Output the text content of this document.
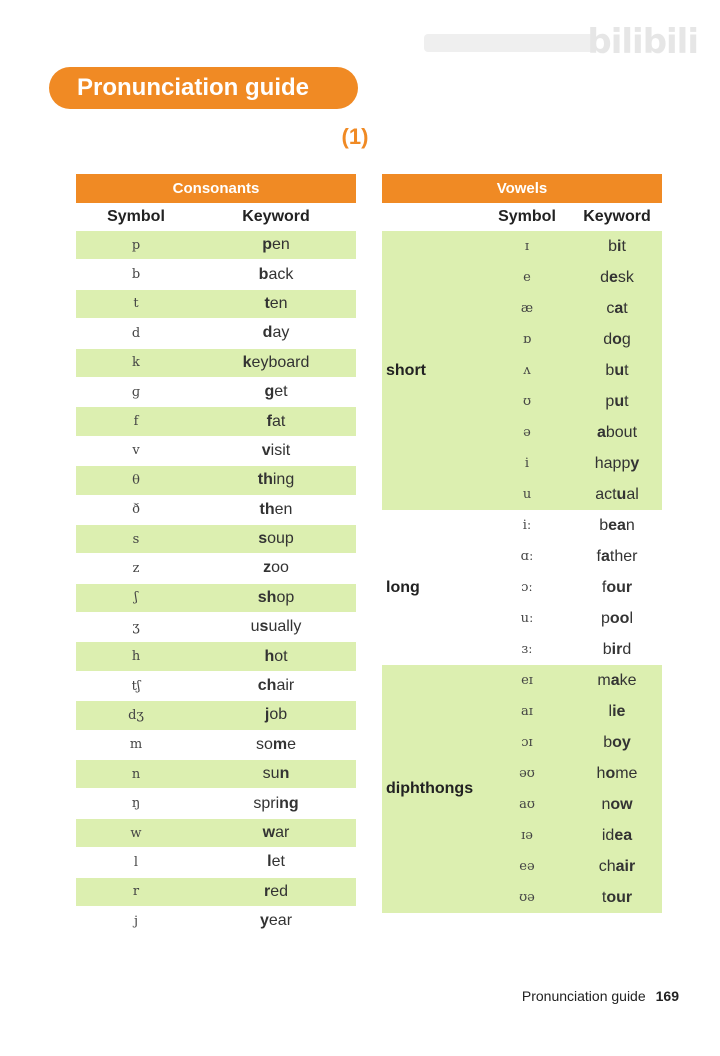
bilibili
Pronunciation guide
(1)
Consonants	
Symbol	Keyword
p	pen
b	back
t	ten
d	day
k	keyboard
ɡ	get
f	fat
v	visit
θ	thing
ð	then
s	soup
z	zoo
ʃ	shop
ʒ	usually
h	hot
tʃ	chair
dʒ	job
m	some
n	sun
ŋ	spring
w	war
l	let
r	red
j	year
Vowels		
	Symbol	Keyword
short	ɪ	bit
	e	desk
	æ	cat
	ɒ	dog
	ʌ	but
	ʊ	put
	ə	about
	i	happy
	u	actual
long	iː	bean
	ɑː	father
	ɔː	four
	uː	pool
	ɜː	bird
diphthongs	eɪ	make
	aɪ	lie
	ɔɪ	boy
	əʊ	home
	aʊ	now
	ɪə	idea
	eə	chair
	ʊə	tour
Pronunciation guide 169
